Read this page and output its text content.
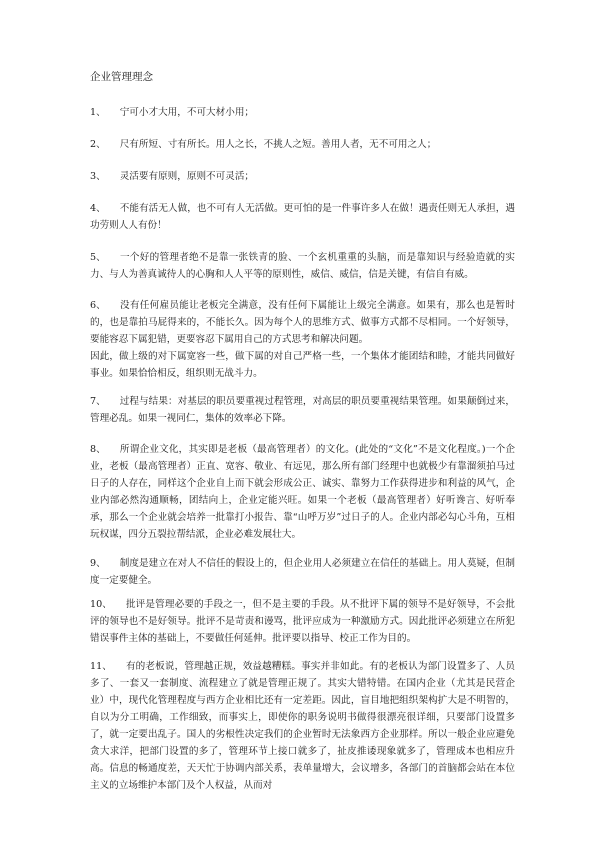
企业管理理念

1、 宁可小才大用，不可大材小用；

2、 尺有所短、寸有所长。用人之长，不挑人之短。善用人者，无不可用之人；

3、 灵活要有原则，原则不可灵活；

4、 不能有活无人做，也不可有人无活做。更可怕的是一件事许多人在做！遇责任则无人承担，遇功劳则人人有份！

5、 一个好的管理者绝不是靠一张铁青的脸、一个玄机重重的头脑，而是靠知识与经验造就的实力、与人为善真诚待人的心胸和人人平等的原则性，威信、威信，信是关键，有信自有威。

6、 没有任何雇员能让老板完全满意，没有任何下属能让上级完全满意。如果有，那么也是暂时的，也是靠拍马屁得来的，不能长久。因为每个人的思维方式、做事方式都不尽相同。一个好领导，要能容忍下属犯错，更要容忍下属用自己的方式思考和解决问题。

因此，做上级的对下属宽容一些，做下属的对自己严格一些，一个集体才能团结和睦，才能共同做好事业。如果恰恰相反，组织则无战斗力。

7、 过程与结果：对基层的职员要重视过程管理，对高层的职员要重视结果管理。如果颠倒过来，管理必乱。如果一视同仁，集体的效率必下降。

8、 所谓企业文化，其实即是老板（最高管理者）的文化。(此处的“文化”不是文化程度。)一个企业，老板（最高管理者）正直、宽容、敬业、有远见，那么所有部门经理中也就极少有靠溜须拍马过日子的人存在，同样这个企业自上而下就会形成公正、诚实、靠努力工作获得进步和利益的风气，企业内部必然沟通顺畅，团结向上，企业定能兴旺。如果一个老板（最高管理者）好听谗言、好听奉承，那么一个企业就会培养一批靠打小报告、靠“山呼万岁”过日子的人。企业内部必勾心斗角，互相玩权谋，四分五裂拉帮结派，企业必难发展壮大。

9、 制度是建立在对人不信任的假设上的，但企业用人必须建立在信任的基础上。用人莫疑，但制度一定要健全。

10、 批评是管理必要的手段之一，但不是主要的手段。从不批评下属的领导不是好领导，不会批评的领导也不是好领导。批评不是苛责和谩骂，批评应成为一种激励方式。因此批评必须建立在所犯错误事件主体的基础上，不要做任何延伸。批评要以指导、校正工作为目的。

11、 有的老板说，管理越正规，效益越糟糕。事实并非如此。有的老板认为部门设置多了、人员多了、一套又一套制度、流程建立了就是管理正规了。其实大错特错。在国内企业（尤其是民营企业）中，现代化管理程度与西方企业相比还有一定差距。因此，盲目地把组织架构扩大是不明智的，自以为分工明确，工作细致，而事实上，即使你的职务说明书做得很漂亮很详细，只要部门设置多了，就一定要出乱子。国人的劣根性决定我们的企业暂时无法象西方企业那样。所以一般企业应避免贪大求洋，把部门设置的多了，管理环节上接口就多了，扯皮推诿现象就多了，管理成本也相应升高。信息的畅通度差，天天忙于协调内部关系，表单量增大，会议增多，各部门的首脑都会站在本位主义的立场维护本部门及个人权益，从而对
